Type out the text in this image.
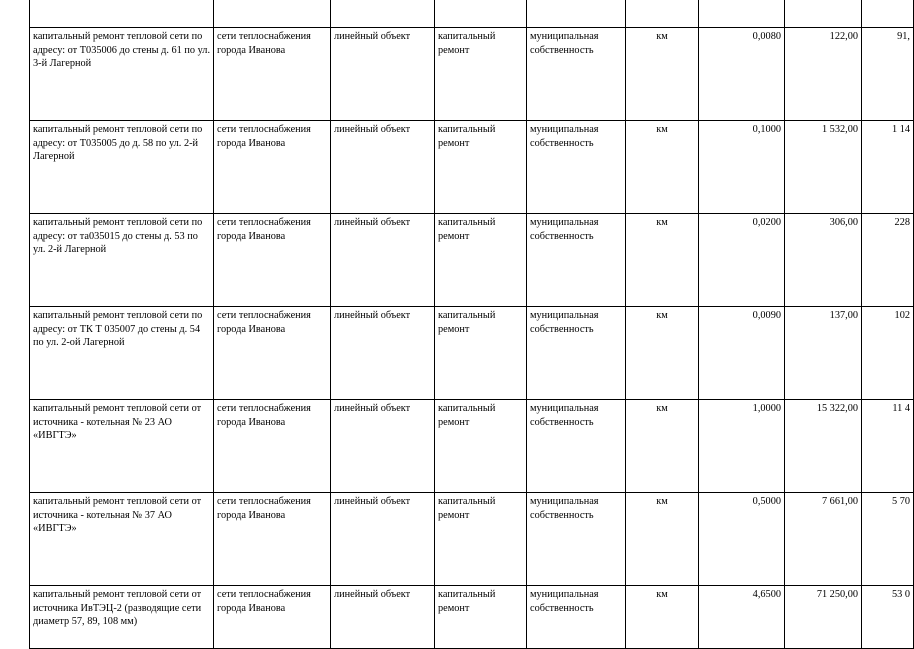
капитальный ремонт тепловой сети по адресу: от Т035006 до стены д. 61 по ул. 3-й Лагерной	сети теплоснабжения города Иванова	линейный объект	капитальный ремонт	муниципальная собственность	км	0,0080	122,00	91,
капитальный ремонт тепловой сети по адресу: от Т035005 до д. 58 по ул. 2-й Лагерной	сети теплоснабжения города Иванова	линейный объект	капитальный ремонт	муниципальная собственность	км	0,1000	1 532,00	1 14
капитальный ремонт тепловой сети по адресу: от та035015 до стены д. 53 по ул. 2-й Лагерной	сети теплоснабжения города Иванова	линейный объект	капитальный ремонт	муниципальная собственность	км	0,0200	306,00	228
капитальный ремонт тепловой сети по адресу: от ТК Т 035007 до стены д. 54 по ул. 2-ой Лагерной	сети теплоснабжения города Иванова	линейный объект	капитальный ремонт	муниципальная собственность	км	0,0090	137,00	102
капитальный ремонт тепловой сети от источника - котельная № 23 АО «ИВГТЭ»	сети теплоснабжения города Иванова	линейный объект	капитальный ремонт	муниципальная собственность	км	1,0000	15 322,00	11 4
капитальный ремонт тепловой сети от источника - котельная № 37 АО «ИВГТЭ»	сети теплоснабжения города Иванова	линейный объект	капитальный ремонт	муниципальная собственность	км	0,5000	7 661,00	5 70
капитальный ремонт тепловой сети от источника ИвТЭЦ-2 (разводящие сети диаметр 57, 89, 108 мм)	сети теплоснабжения города Иванова	линейный объект	капитальный ремонт	муниципальная собственность	км	4,6500	71 250,00	53 0
